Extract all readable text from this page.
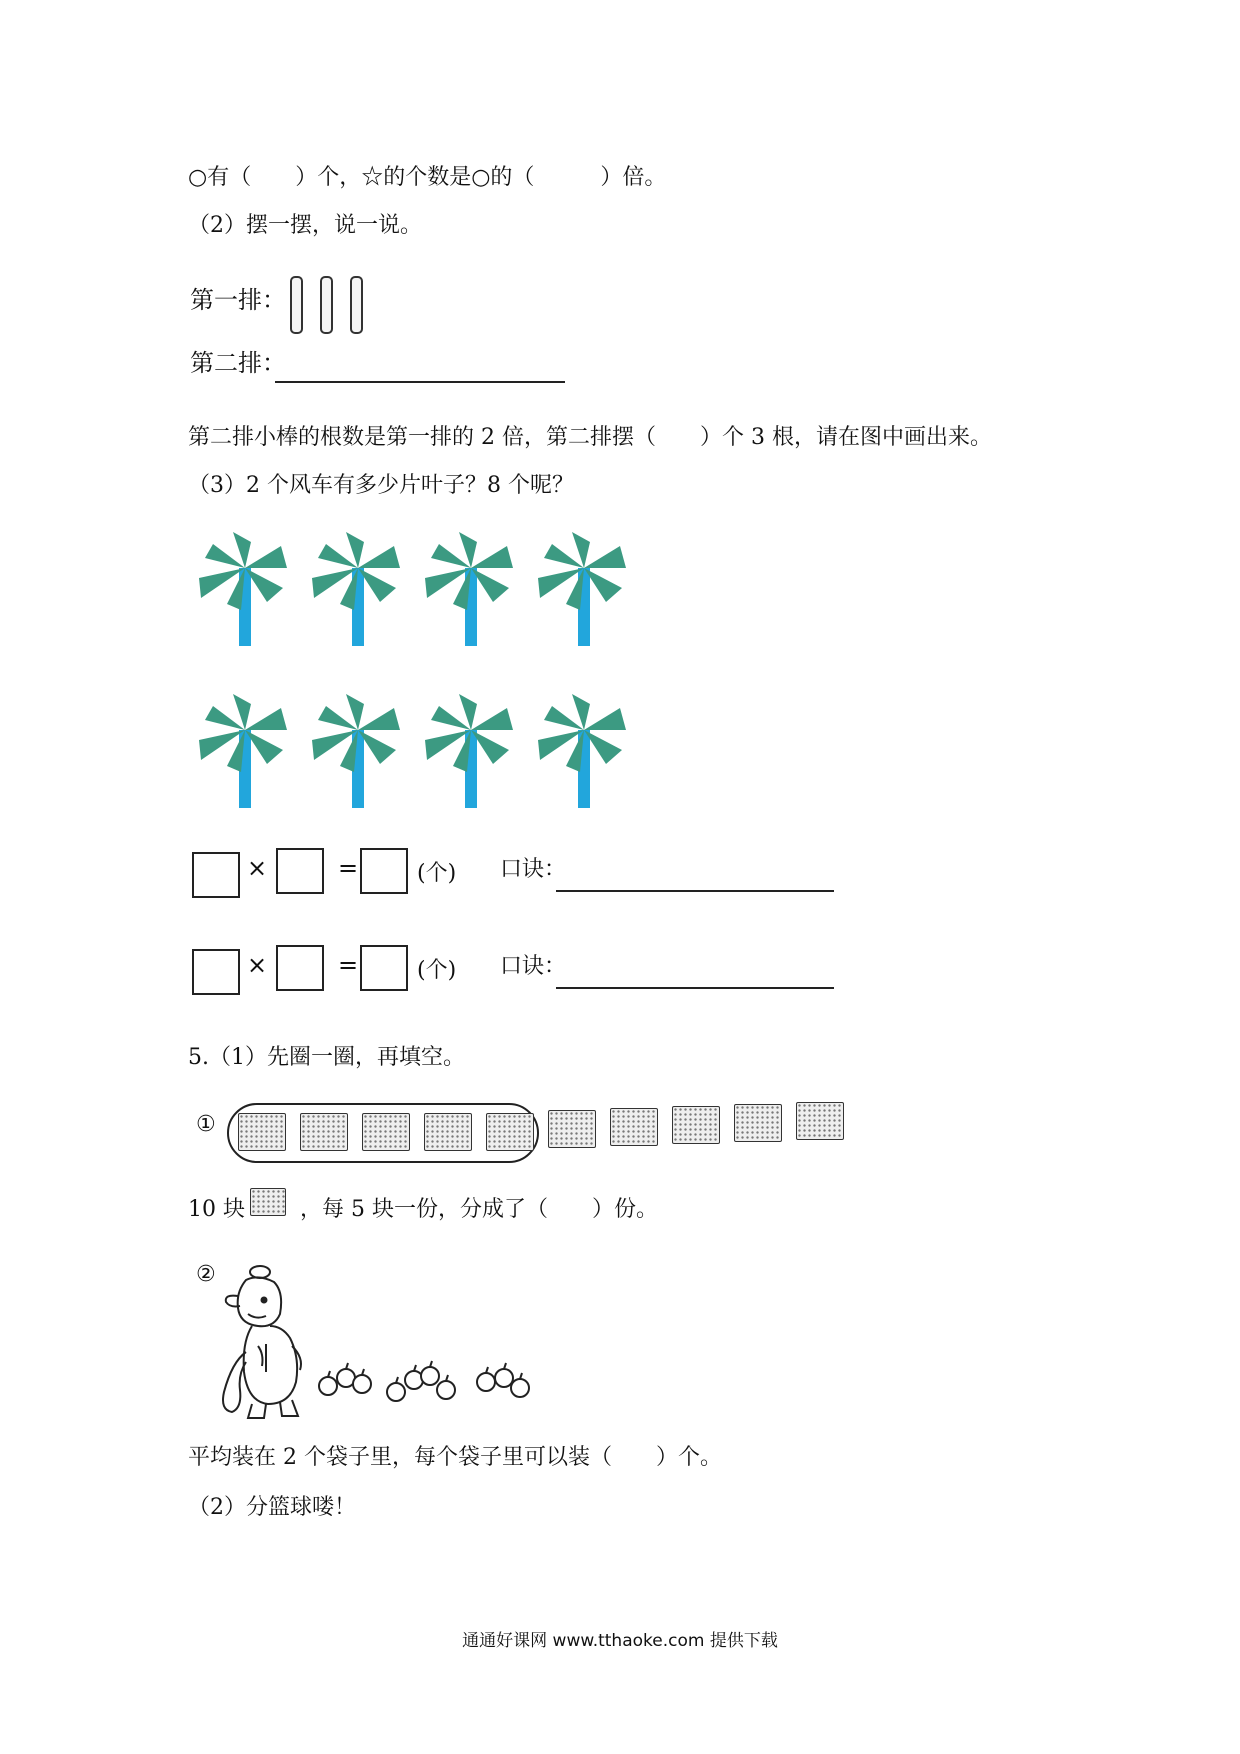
○有（　　）个，☆的个数是○的（　　　）倍。
（2）摆一摆，说一说。
第一排：

第二排：
第二排小棒的根数是第一排的 2 倍，第二排摆（　　）个 3 根，请在图中画出来。
（3）2 个风车有多少片叶子？8 个呢？
×	=	(个) 口诀：
×	=	(个) 口诀：
5.（1）先圈一圈，再填空。
①
10 块	，每 5 块一份，分成了（　　）份。
②
平均装在 2 个袋子里，每个袋子里可以装（　　）个。
（2）分篮球喽！
通通好课网 www.tthaoke.com 提供下载
